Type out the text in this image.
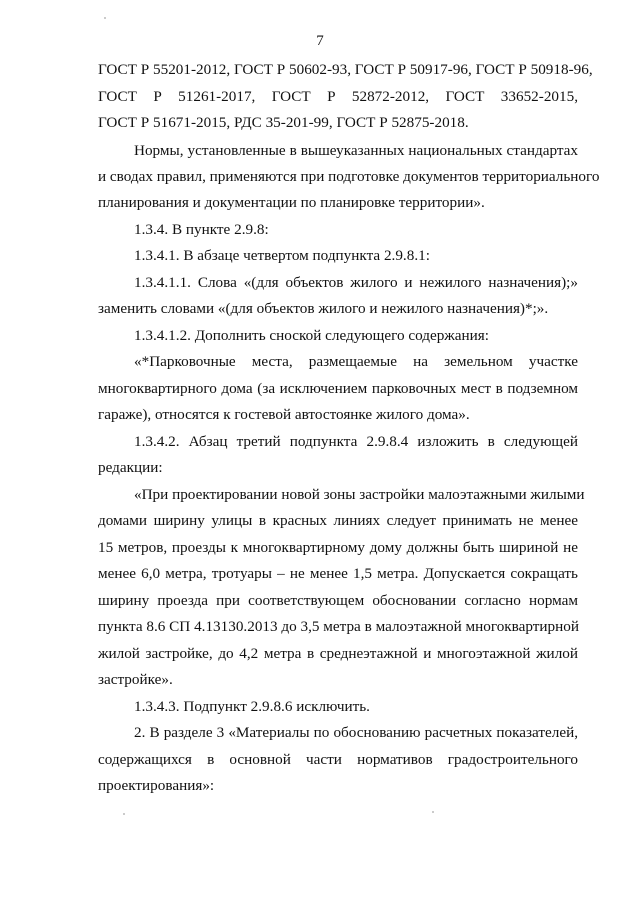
7
ГОСТ Р 55201-2012, ГОСТ Р 50602-93, ГОСТ Р 50917-96, ГОСТ Р 50918-96,
ГОСТ Р 51261-2017, ГОСТ Р 52872-2012, ГОСТ 33652-2015,
ГОСТ Р 51671-2015, РДС 35-201-99, ГОСТ Р 52875-2018.
Нормы, установленные в вышеуказанных национальных стандартах
и сводах правил, применяются при подготовке документов территориального
планирования и документации по планировке территории».
1.3.4. В пункте 2.9.8:
1.3.4.1. В абзаце четвертом подпункта 2.9.8.1:
1.3.4.1.1. Слова «(для объектов жилого и нежилого назначения);»
заменить словами «(для объектов жилого и нежилого назначения)*;».
1.3.4.1.2. Дополнить сноской следующего содержания:
«*Парковочные места, размещаемые на земельном участке
многоквартирного дома (за исключением парковочных мест в подземном
гараже), относятся к гостевой автостоянке жилого дома».
1.3.4.2. Абзац третий подпункта 2.9.8.4 изложить в следующей
редакции:
«При проектировании новой зоны застройки малоэтажными жилыми
домами ширину улицы в красных линиях следует принимать не менее
15 метров, проезды к многоквартирному дому должны быть шириной не
менее 6,0 метра, тротуары – не менее 1,5 метра. Допускается сокращать
ширину проезда при соответствующем обосновании согласно нормам
пункта 8.6 СП 4.13130.2013 до 3,5 метра в малоэтажной многоквартирной
жилой застройке, до 4,2 метра в среднеэтажной и многоэтажной жилой
застройке».
1.3.4.3. Подпункт 2.9.8.6 исключить.
2. В разделе 3 «Материалы по обоснованию расчетных показателей,
содержащихся в основной части нормативов градостроительного
проектирования»:
